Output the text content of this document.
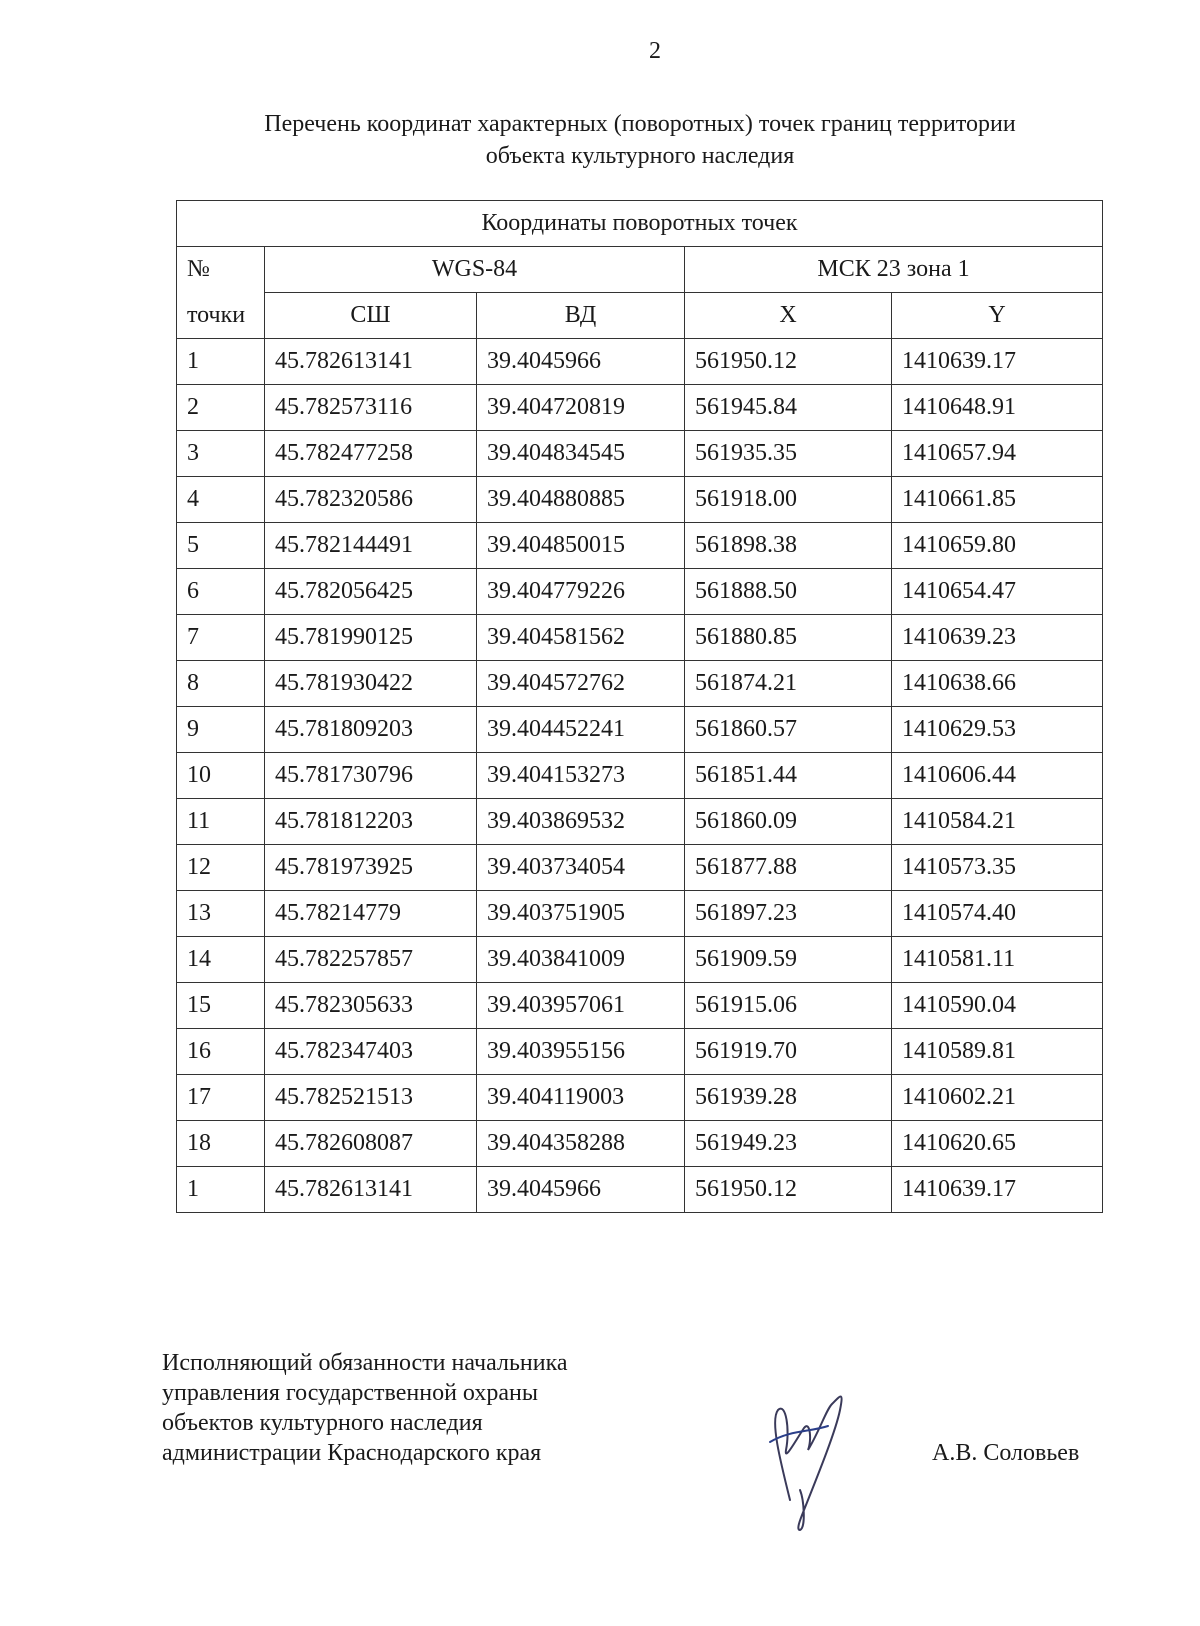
2
Перечень координат характерных (поворотных) точек границ территории
объекта культурного наследия
Координаты поворотных точек				
№	WGS-84		МСК 23 зона 1	
точки	СШ	ВД	X	Y
1	45.782613141	39.4045966	561950.12	1410639.17
2	45.782573116	39.404720819	561945.84	1410648.91
3	45.782477258	39.404834545	561935.35	1410657.94
4	45.782320586	39.404880885	561918.00	1410661.85
5	45.782144491	39.404850015	561898.38	1410659.80
6	45.782056425	39.404779226	561888.50	1410654.47
7	45.781990125	39.404581562	561880.85	1410639.23
8	45.781930422	39.404572762	561874.21	1410638.66
9	45.781809203	39.404452241	561860.57	1410629.53
10	45.781730796	39.404153273	561851.44	1410606.44
11	45.781812203	39.403869532	561860.09	1410584.21
12	45.781973925	39.403734054	561877.88	1410573.35
13	45.78214779	39.403751905	561897.23	1410574.40
14	45.782257857	39.403841009	561909.59	1410581.11
15	45.782305633	39.403957061	561915.06	1410590.04
16	45.782347403	39.403955156	561919.70	1410589.81
17	45.782521513	39.404119003	561939.28	1410602.21
18	45.782608087	39.404358288	561949.23	1410620.65
1	45.782613141	39.4045966	561950.12	1410639.17
Исполняющий обязанности начальника
управления государственной охраны
объектов культурного наследия
администрации Краснодарского края	А.В. Соловьев
